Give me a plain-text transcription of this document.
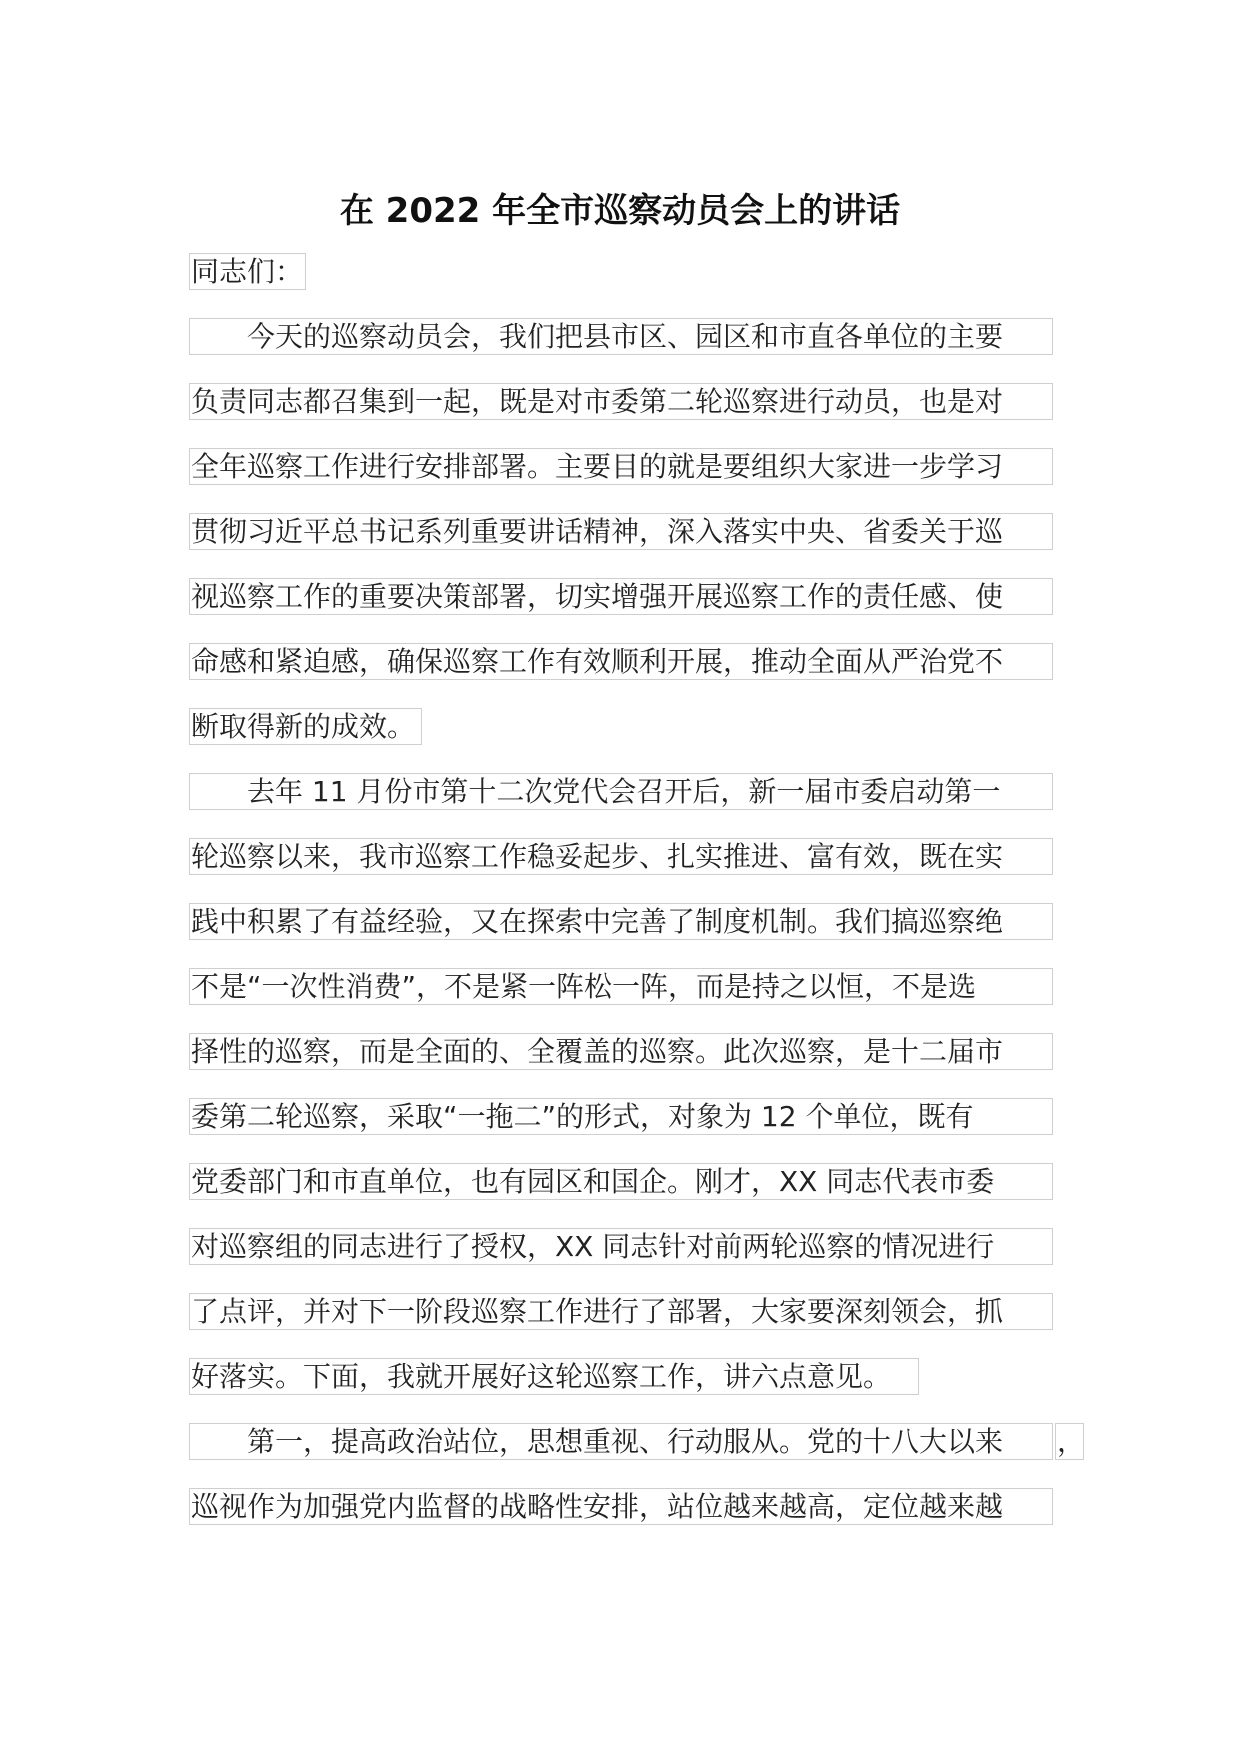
在 2022 年全市巡察动员会上的讲话
同志们：
今天的巡察动员会，我们把县市区、园区和市直各单位的主要
负责同志都召集到一起，既是对市委第二轮巡察进行动员，也是对
全年巡察工作进行安排部署。主要目的就是要组织大家进一步学习
贯彻习近平总书记系列重要讲话精神，深入落实中央、省委关于巡
视巡察工作的重要决策部署，切实增强开展巡察工作的责任感、使
命感和紧迫感，确保巡察工作有效顺利开展，推动全面从严治党不
断取得新的成效。
去年 11 月份市第十二次党代会召开后，新一届市委启动第一
轮巡察以来，我市巡察工作稳妥起步、扎实推进、富有效，既在实
践中积累了有益经验，又在探索中完善了制度机制。我们搞巡察绝
不是“一次性消费”，不是紧一阵松一阵，而是持之以恒，不是选
择性的巡察，而是全面的、全覆盖的巡察。此次巡察，是十二届市
委第二轮巡察，采取“一拖二”的形式，对象为 12 个单位，既有
党委部门和市直单位，也有园区和国企。刚才，XX 同志代表市委
对巡察组的同志进行了授权，XX 同志针对前两轮巡察的情况进行
了点评，并对下一阶段巡察工作进行了部署，大家要深刻领会，抓
好落实。下面，我就开展好这轮巡察工作，讲六点意见。
第一，提高政治站位，思想重视、行动服从。党的十八大以来	，
巡视作为加强党内监督的战略性安排，站位越来越高，定位越来越
